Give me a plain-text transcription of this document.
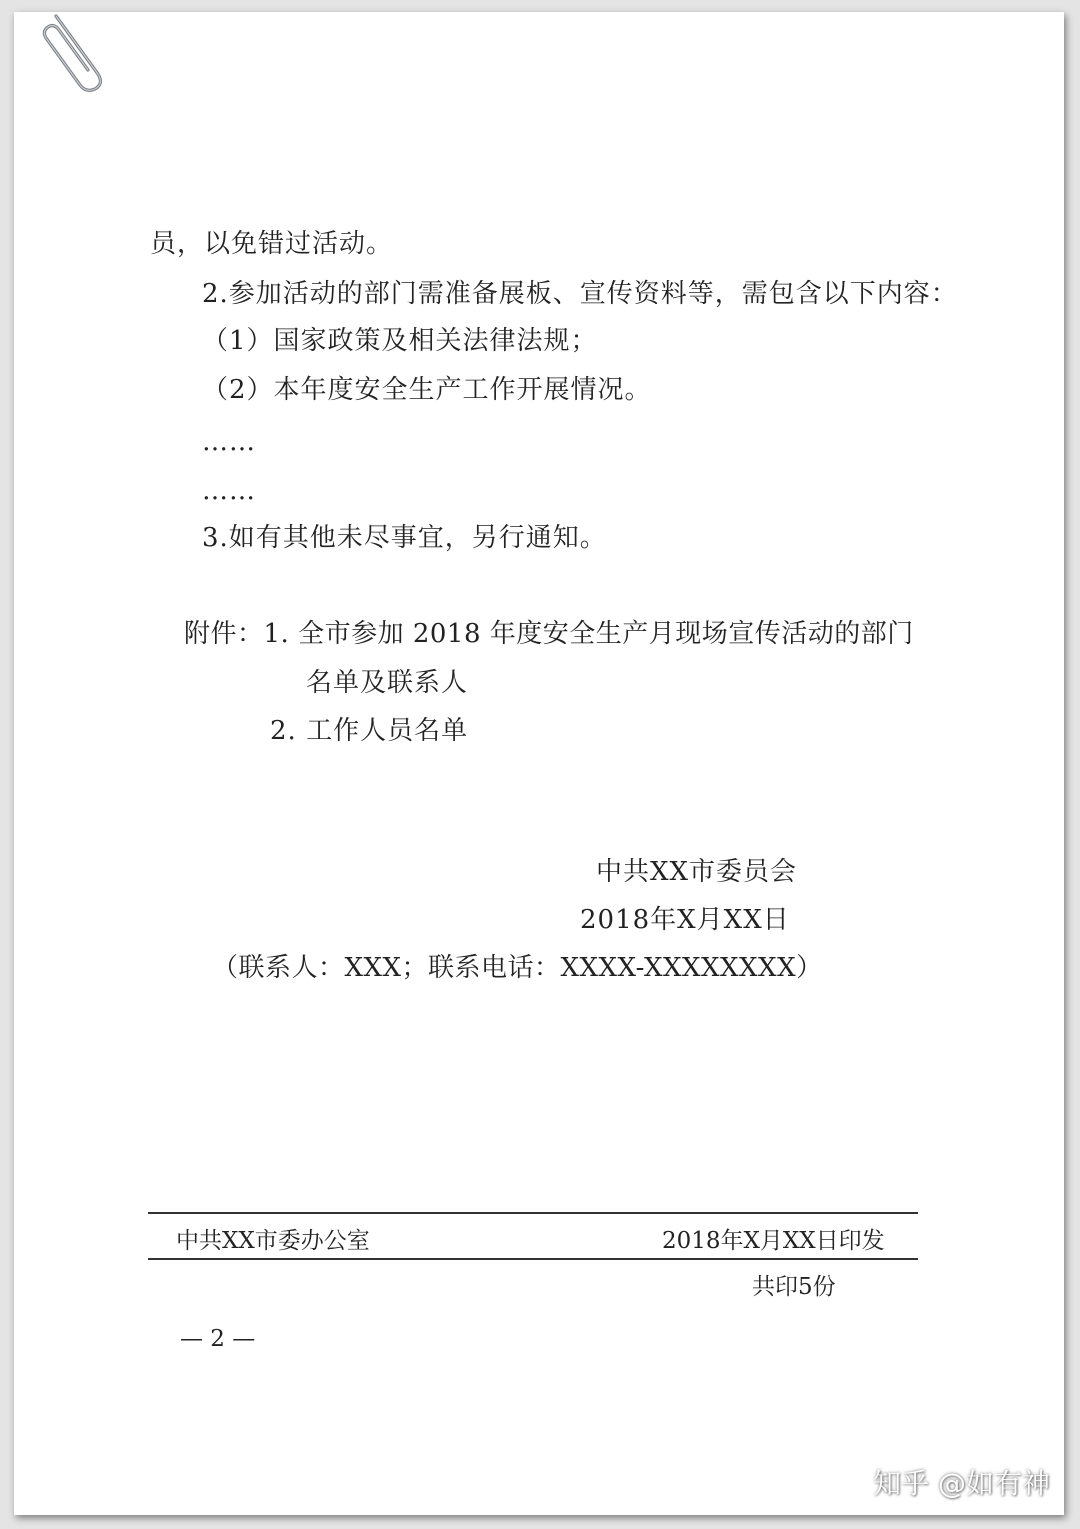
员，以免错过活动。
2.参加活动的部门需准备展板、宣传资料等，需包含以下内容：
（1）国家政策及相关法律法规；
（2）本年度安全生产工作开展情况。
……
……
3.如有其他未尽事宜，另行通知。
附件：1. 全市参加 2018 年度安全生产月现场宣传活动的部门
名单及联系人
2. 工作人员名单
中共XX市委员会
2018年X月XX日
（联系人：XXX；联系电话：XXXX-XXXXXXXX）
中共XX市委办公室	2018年X月XX日印发
共印5份
— 2 —
知乎 @如有神
